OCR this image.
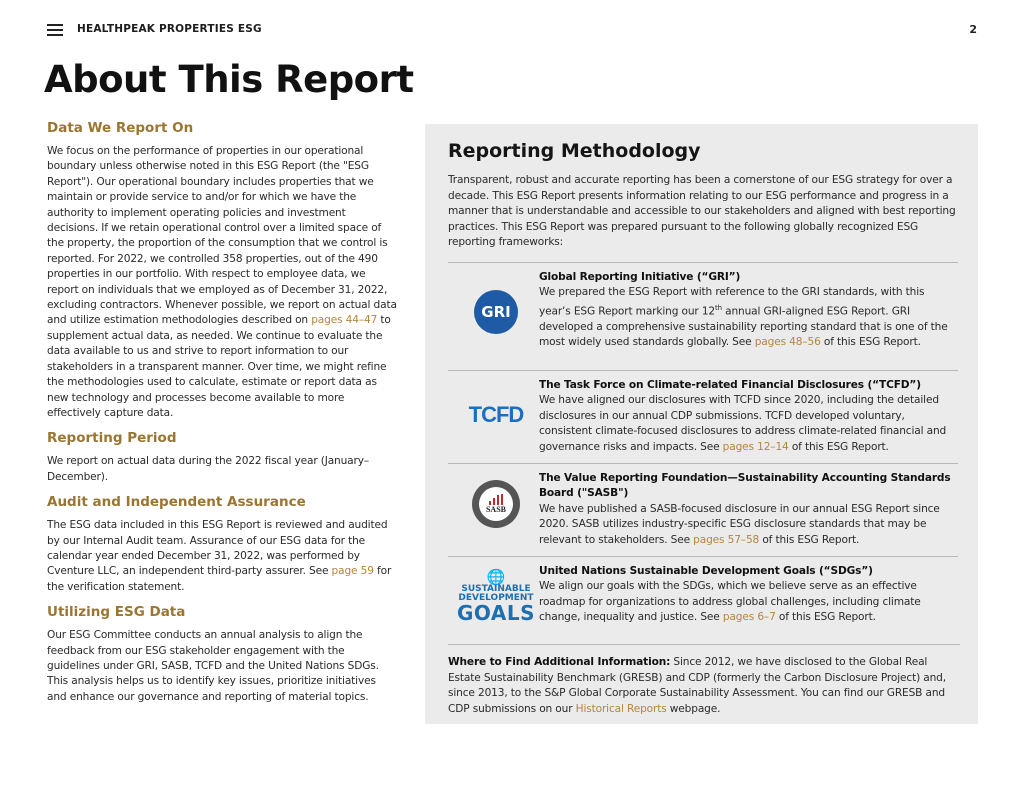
HEALTHPEAK PROPERTIES ESG	2
About This Report
Data We Report On

We focus on the performance of properties in our operational boundary unless otherwise noted in this ESG Report (the "ESG Report"). Our operational boundary includes properties that we maintain or provide service to and/or for which we have the authority to implement operating policies and investment decisions. If we retain operational control over a limited space of the property, the proportion of the consumption that we control is reported. For 2022, we controlled 358 properties, out of the 490 properties in our portfolio. With respect to employee data, we report on individuals that we employed as of December 31, 2022, excluding contractors. Whenever possible, we report on actual data and utilize estimation methodologies described on pages 44–47 to supplement actual data, as needed. We continue to evaluate the data available to us and strive to report information to our stakeholders in a transparent manner. Over time, we might refine the methodologies used to calculate, estimate or report data as new technology and processes become available to more effectively capture data.

Reporting Period

We report on actual data during the 2022 fiscal year (January–December).

Audit and Independent Assurance

The ESG data included in this ESG Report is reviewed and audited by our Internal Audit team. Assurance of our ESG data for the calendar year ended December 31, 2022, was performed by Cventure LLC, an independent third-party assurer. See page 59 for the verification statement.

Utilizing ESG Data

Our ESG Committee conducts an annual analysis to align the feedback from our ESG stakeholder engagement with the guidelines under GRI, SASB, TCFD and the United Nations SDGs. This analysis helps us to identify key issues, prioritize initiatives and enhance our governance and reporting of material topics.

Reporting Methodology

Transparent, robust and accurate reporting has been a cornerstone of our ESG strategy for over a decade. This ESG Report presents information relating to our ESG performance and progress in a manner that is understandable and accessible to our stakeholders and aligned with best reporting practices. This ESG Report was prepared pursuant to the following globally recognized ESG reporting frameworks:

GRI
Global Reporting Initiative (“GRI”)
We prepared the ESG Report with reference to the GRI standards, with this year’s ESG Report marking our 12th annual GRI-aligned ESG Report. GRI developed a comprehensive sustainability reporting standard that is one of the most widely used standards globally. See pages 48–56 of this ESG Report.
TCFD
The Task Force on Climate-related Financial Disclosures (“TCFD”)
We have aligned our disclosures with TCFD since 2020, including the detailed disclosures in our annual CDP submissions. TCFD developed voluntary, consistent climate-focused disclosures to address climate-related financial and governance risks and impacts. See pages 12–14 of this ESG Report.
SASB
The Value Reporting Foundation—Sustainability Accounting Standards Board ("SASB")
We have published a SASB-focused disclosure in our annual ESG Report since 2020. SASB utilizes industry-specific ESG disclosure standards that may be relevant to stakeholders. See pages 57–58 of this ESG Report.
🌐
SUSTAINABLE
DEVELOPMENT
GOALS
United Nations Sustainable Development Goals (“SDGs”)
We align our goals with the SDGs, which we believe serve as an effective roadmap for organizations to address global challenges, including climate change, inequality and justice. See pages 6–7 of this ESG Report.

Where to Find Additional Information: Since 2012, we have disclosed to the Global Real Estate Sustainability Benchmark (GRESB) and CDP (formerly the Carbon Disclosure Project) and, since 2013, to the S&P Global Corporate Sustainability Assessment. You can find our GRESB and CDP submissions on our Historical Reports webpage.
